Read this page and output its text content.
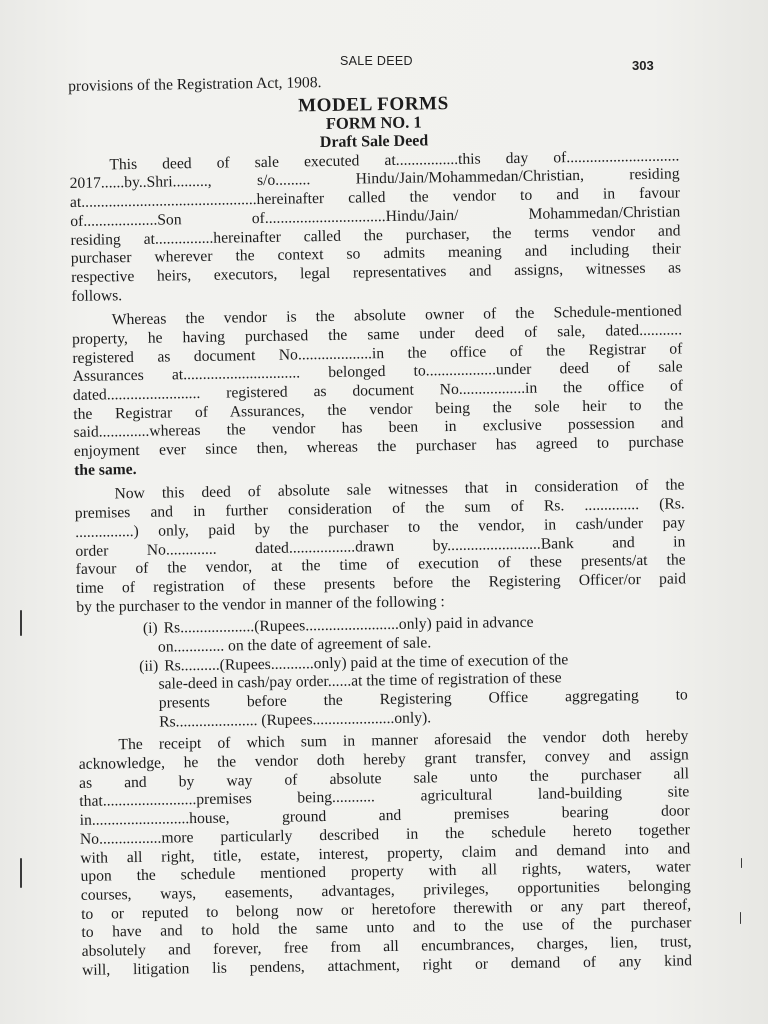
SALE DEED	303
provisions of the Registration Act, 1908.
MODEL FORMS
FORM NO. 1
Draft Sale Deed
This deed of sale executed at................this day of.............................
2017......by..Shri........., s/o......... Hindu/Jain/Mohammedan/Christian, residing
at.............................................hereinafter called the vendor to and in favour
of...................Son of...............................Hindu/Jain/ Mohammedan/Christian
residing at...............hereinafter called the purchaser, the terms vendor and
purchaser wherever the context so admits meaning and including their
respective heirs, executors, legal representatives and assigns, witnesses as
follows.
Whereas the vendor is the absolute owner of the Schedule-mentioned
property, he having purchased the same under deed of sale, dated...........
registered as document No...................in the office of the Registrar of
Assurances at.............................. belonged to..................under deed of sale
dated........................ registered as document No.................in the office of
the Registrar of Assurances, the vendor being the sole heir to the
said.............whereas the vendor has been in exclusive possession and
enjoyment ever since then, whereas the purchaser has agreed to purchase
the same.
Now this deed of absolute sale witnesses that in consideration of the
premises and in further consideration of the sum of Rs. .............. (Rs.
...............) only, paid by the purchaser to the vendor, in cash/under pay
order No............. dated.................drawn by........................Bank and in
favour of the vendor, at the time of execution of these presents/at the
time of registration of these presents before the Registering Officer/or paid
by the purchaser to the vendor in manner of the following :
(i) Rs...................(Rupees........................only) paid in advance
on............. on the date of agreement of sale.
(ii) Rs..........(Rupees...........only) paid at the time of execution of the
sale-deed in cash/pay order......at the time of registration of these
presents before the Registering Office aggregating to
Rs..................... (Rupees.....................only).
The receipt of which sum in manner aforesaid the vendor doth hereby
acknowledge, he the vendor doth hereby grant transfer, convey and assign
as and by way of absolute sale unto the purchaser all
that........................premises being........... agricultural land-building site
in.........................house, ground and premises bearing door
No................more particularly described in the schedule hereto together
with all right, title, estate, interest, property, claim and demand into and
upon the schedule mentioned property with all rights, waters, water
courses, ways, easements, advantages, privileges, opportunities belonging
to or reputed to belong now or heretofore therewith or any part thereof,
to have and to hold the same unto and to the use of the purchaser
absolutely and forever, free from all encumbrances, charges, lien, trust,
will, litigation lis pendens, attachment, right or demand of any kind
